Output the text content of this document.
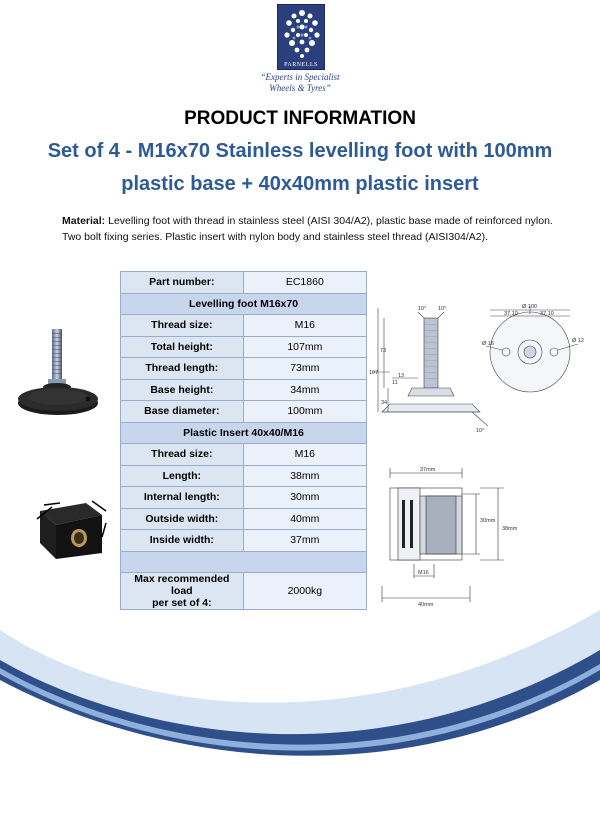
PARNELLS
“Experts in Specialist
Wheels & Tyres”
PRODUCT INFORMATION
Set of 4 - M16x70 Stainless levelling foot with 100mm
plastic base + 40x40mm plastic insert
Material: Levelling foot with thread in stainless steel (AISI 304/A2), plastic base made of reinforced nylon.
Two bolt fixing series. Plastic insert with nylon body and stainless steel thread (AISI304/A2).
Part number:	EC1860
Levelling foot M16x70	
Thread size:	M16
Total height:	107mm
Thread length:	73mm
Base height:	34mm
Base diameter:	100mm
Plastic Insert 40x40/M16	
Thread size:	M16
Length:	38mm
Internal length:	30mm
Outside width:	40mm
Inside width:	37mm

Max recommended load
per set of 4:	2000kg
10° 10°
107
73
34
13
11
10°
Ø 100
37.10	37.10
Ø 16	Ø 12
37mm
30mm
38mm
M16
40mm
